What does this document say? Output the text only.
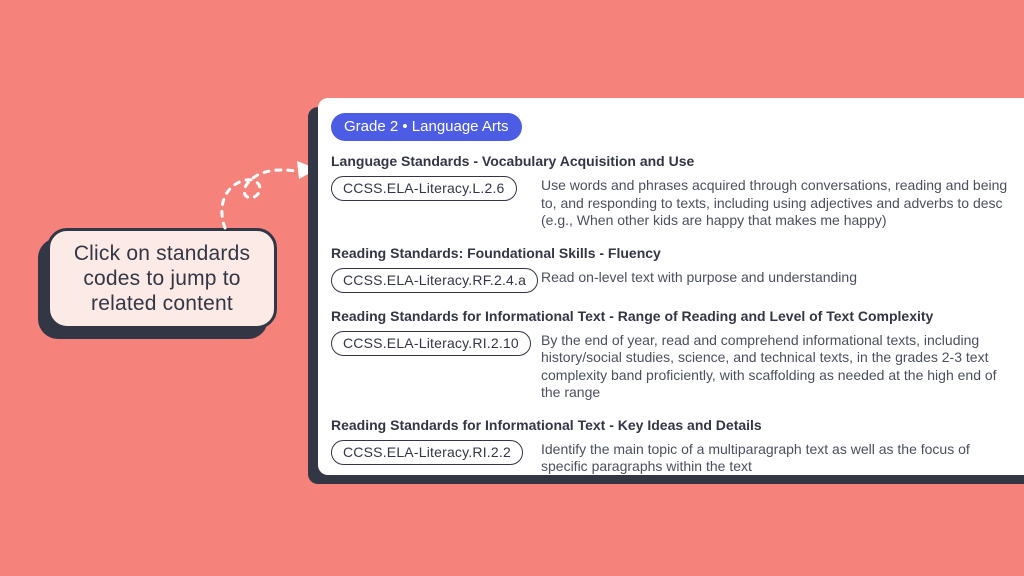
Click on standards codes to jump to related content
Grade 2 • Language Arts
Language Standards - Vocabulary Acquisition and Use
CCSS.ELA-Literacy.L.2.6	Use words and phrases acquired through conversations, reading and being
to, and responding to texts, including using adjectives and adverbs to desc
(e.g., When other kids are happy that makes me happy)
Reading Standards: Foundational Skills - Fluency
CCSS.ELA-Literacy.RF.2.4.a	Read on-level text with purpose and understanding
Reading Standards for Informational Text - Range of Reading and Level of Text Complexity
CCSS.ELA-Literacy.RI.2.10	By the end of year, read and comprehend informational texts, including
history/social studies, science, and technical texts, in the grades 2-3 text
complexity band proficiently, with scaffolding as needed at the high end of
the range
Reading Standards for Informational Text - Key Ideas and Details
CCSS.ELA-Literacy.RI.2.2	Identify the main topic of a multiparagraph text as well as the focus of
specific paragraphs within the text
